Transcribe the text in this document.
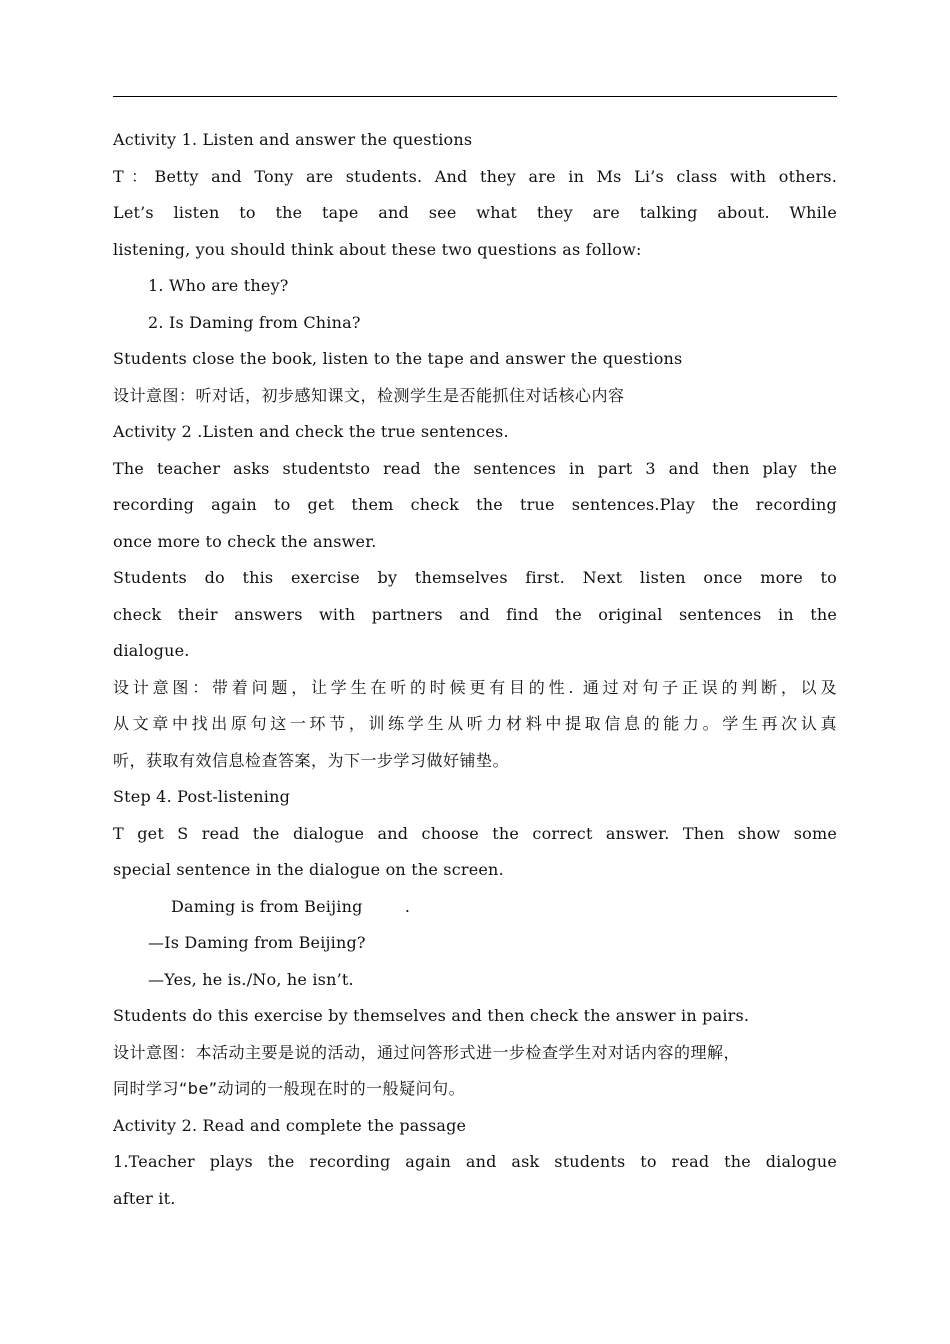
Activity 1. Listen and answer the questions
T：Betty and Tony are students. And they are in Ms Li’s class with others.
Let’s listen to the tape and see what they are talking about. While
listening, you should think about these two questions as follow:
1. Who are they?
2. Is Daming from China?
Students close the book, listen to the tape and answer the questions
设计意图：听对话，初步感知课文，检测学生是否能抓住对话核心内容
Activity 2 .Listen and check the true sentences.
The teacher asks studentsto read the sentences in part 3 and then play the
recording again to get them check the true sentences.Play the recording
once more to check the answer.
Students do this exercise by themselves first. Next listen once more to
check their answers with partners and find the original sentences in the
dialogue.
设计意图：带着问题，让学生在听的时候更有目的性. 通过对句子正误的判断，以及
从文章中找出原句这一环节，训练学生从听力材料中提取信息的能力。学生再次认真
听，获取有效信息检查答案，为下一步学习做好铺垫。
Step 4. Post-listening
T get S read the dialogue and choose the correct answer. Then show some
special sentence in the dialogue on the screen.
Daming is from Beijing        .
—Is Daming from Beijing?
—Yes, he is./No, he isn’t.
Students do this exercise by themselves and then check the answer in pairs.
设计意图：本活动主要是说的活动，通过问答形式进一步检查学生对对话内容的理解，
同时学习“be”动词的一般现在时的一般疑问句。
Activity 2. Read and complete the passage
1.Teacher plays the recording again and ask students to read the dialogue
after it.
